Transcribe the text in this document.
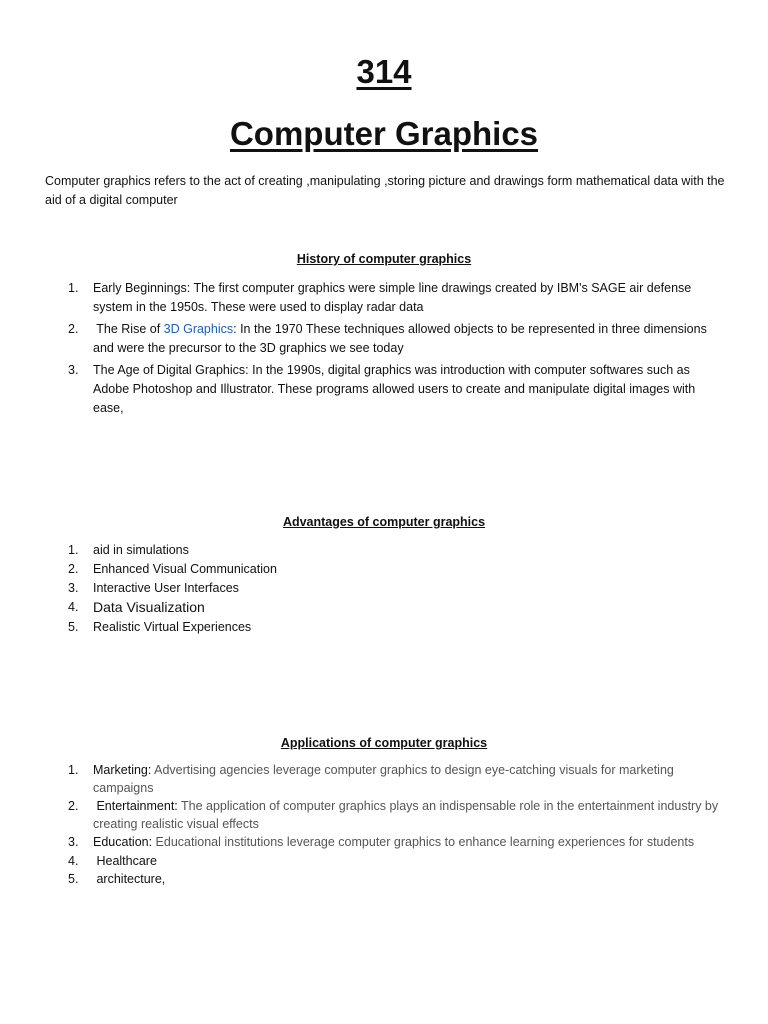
314
Computer Graphics
Computer graphics refers to the act of creating ,manipulating ,storing picture and drawings form mathematical data with the aid of a digital computer
History of computer graphics
1. Early Beginnings: The first computer graphics were simple line drawings created by IBM's SAGE air defense system in the 1950s. These were used to display radar data
2. The Rise of 3D Graphics: In the 1970 These techniques allowed objects to be represented in three dimensions and were the precursor to the 3D graphics we see today
3. The Age of Digital Graphics: In the 1990s, digital graphics was introduction with computer softwares such as Adobe Photoshop and Illustrator. These programs allowed users to create and manipulate digital images with ease,
Advantages of computer graphics
1. aid in simulations
2. Enhanced Visual Communication
3. Interactive User Interfaces
4. Data Visualization
5. Realistic Virtual Experiences
Applications of computer graphics
1. Marketing: Advertising agencies leverage computer graphics to design eye-catching visuals for marketing campaigns
2. Entertainment: The application of computer graphics plays an indispensable role in the entertainment industry by creating realistic visual effects
3. Education: Educational institutions leverage computer graphics to enhance learning experiences for students
4. Healthcare
5. architecture,
